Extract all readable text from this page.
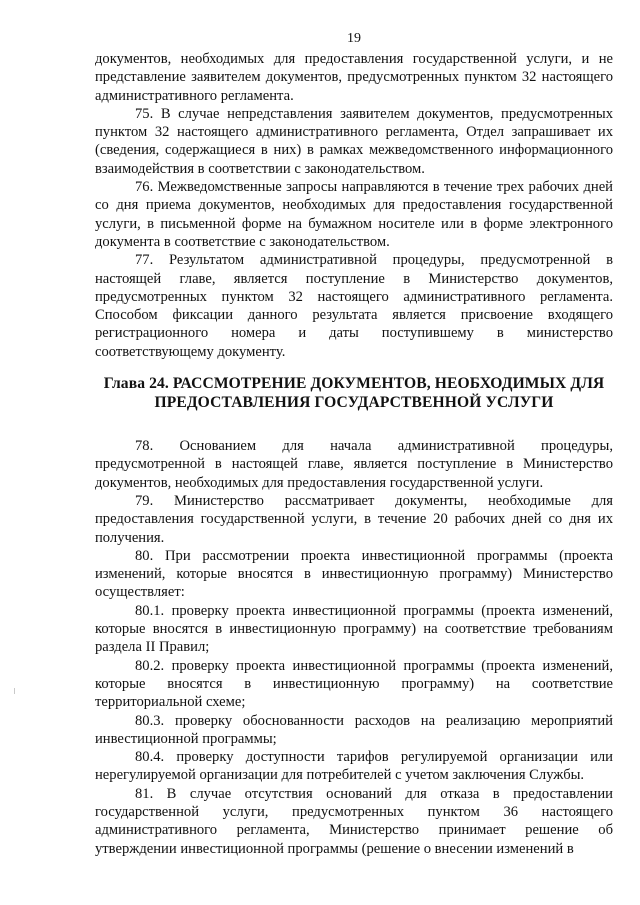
19

документов, необходимых для предоставления государственной услуги, и не представление заявителем документов, предусмотренных пунктом 32 настоящего административного регламента.

75. В случае непредставления заявителем документов, предусмотренных пунктом 32 настоящего административного регламента, Отдел запрашивает их (сведения, содержащиеся в них) в рамках межведомственного информационного взаимодействия в соответствии с законодательством.

76. Межведомственные запросы направляются в течение трех рабочих дней со дня приема документов, необходимых для предоставления государственной услуги, в письменной форме на бумажном носителе или в форме электронного документа в соответствие с законодательством.

77. Результатом административной процедуры, предусмотренной в настоящей главе, является поступление в Министерство документов, предусмотренных пунктом 32 настоящего административного регламента. Способом фиксации данного результата является присвоение входящего регистрационного номера и даты поступившему в министерство соответствующему документу.

Глава 24. РАССМОТРЕНИЕ ДОКУМЕНТОВ, НЕОБХОДИМЫХ ДЛЯ ПРЕДОСТАВЛЕНИЯ ГОСУДАРСТВЕННОЙ УСЛУГИ

78. Основанием для начала административной процедуры, предусмотренной в настоящей главе, является поступление в Министерство документов, необходимых для предоставления государственной услуги.

79. Министерство рассматривает документы, необходимые для предоставления государственной услуги, в течение 20 рабочих дней со дня их получения.

80. При рассмотрении проекта инвестиционной программы (проекта изменений, которые вносятся в инвестиционную программу) Министерство осуществляет:

80.1. проверку проекта инвестиционной программы (проекта изменений, которые вносятся в инвестиционную программу) на соответствие требованиям раздела II Правил;

80.2. проверку проекта инвестиционной программы (проекта изменений, которые вносятся в инвестиционную программу) на соответствие территориальной схеме;

80.3. проверку обоснованности расходов на реализацию мероприятий инвестиционной программы;

80.4. проверку доступности тарифов регулируемой организации или нерегулируемой организации для потребителей с учетом заключения Службы.

81. В случае отсутствия оснований для отказа в предоставлении государственной услуги, предусмотренных пунктом 36 настоящего административного регламента, Министерство принимает решение об утверждении инвестиционной программы (решение о внесении изменений в
